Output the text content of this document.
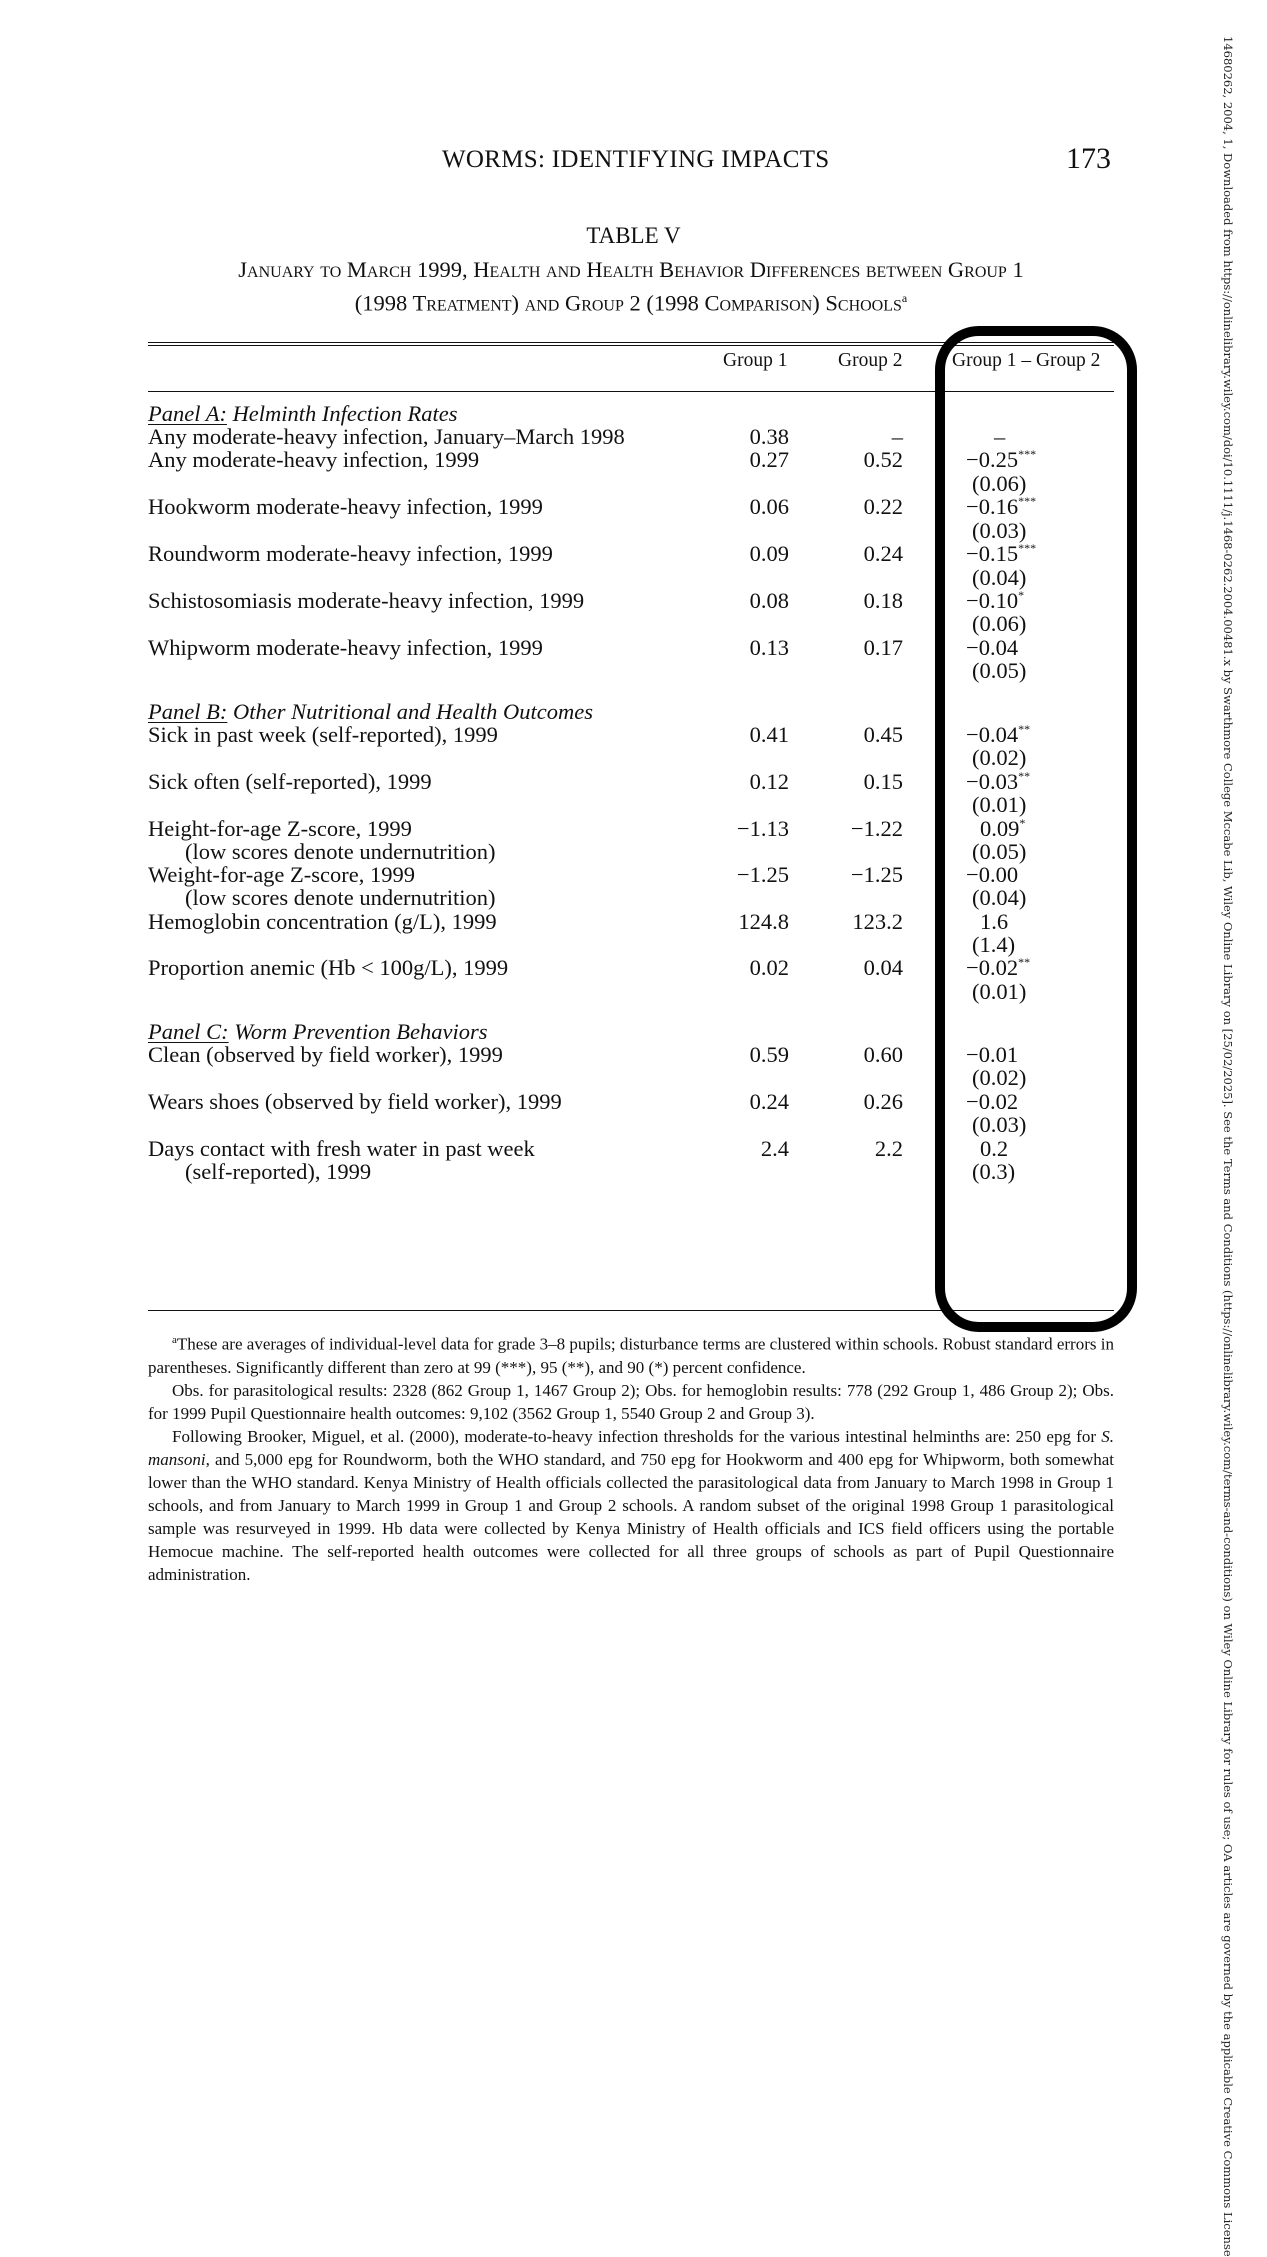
WORMS: IDENTIFYING IMPACTS	173
TABLE V
January to March 1999, Health and Health Behavior Differences between Group 1
(1998 Treatment) and Group 2 (1998 Comparison) Schools$^a$
Group 1	Group 2	Group 1 – Group 2
Panel A: Helminth Infection Rates
Any moderate-heavy infection, January–March 1998	0.38	–	–
Any moderate-heavy infection, 1999	0.27	0.52	−0.25***
(0.06)
Hookworm moderate-heavy infection, 1999	0.06	0.22	−0.16***
(0.03)
Roundworm moderate-heavy infection, 1999	0.09	0.24	−0.15***
(0.04)
Schistosomiasis moderate-heavy infection, 1999	0.08	0.18	−0.10*
(0.06)
Whipworm moderate-heavy infection, 1999	0.13	0.17	−0.04
(0.05)
Panel B: Other Nutritional and Health Outcomes
Sick in past week (self-reported), 1999	0.41	0.45	−0.04**
(0.02)
Sick often (self-reported), 1999	0.12	0.15	−0.03**
(0.01)
Height-for-age Z-score, 1999	−1.13	−1.22	0.09*
(low scores denote undernutrition)	(0.05)
Weight-for-age Z-score, 1999	−1.25	−1.25	−0.00
(low scores denote undernutrition)	(0.04)
Hemoglobin concentration (g/L), 1999	124.8	123.2	1.6
(1.4)
Proportion anemic (Hb < 100g/L), 1999	0.02	0.04	−0.02**
(0.01)
Panel C: Worm Prevention Behaviors
Clean (observed by field worker), 1999	0.59	0.60	−0.01
(0.02)
Wears shoes (observed by field worker), 1999	0.24	0.26	−0.02
(0.03)
Days contact with fresh water in past week	2.4	2.2	0.2
(self-reported), 1999	(0.3)

$^a$These are averages of individual-level data for grade 3–8 pupils; disturbance terms are clustered within schools. Robust standard errors in parentheses. Significantly different than zero at 99 (***), 95 (**), and 90 (*) percent confidence.

Obs. for parasitological results: 2328 (862 Group 1, 1467 Group 2); Obs. for hemoglobin results: 778 (292 Group 1, 486 Group 2); Obs. for 1999 Pupil Questionnaire health outcomes: 9,102 (3562 Group 1, 5540 Group 2 and Group 3).

Following Brooker, Miguel, et al. (2000), moderate-to-heavy infection thresholds for the various intestinal helminths are: 250 epg for S. mansoni, and 5,000 epg for Roundworm, both the WHO standard, and 750 epg for Hookworm and 400 epg for Whipworm, both somewhat lower than the WHO standard. Kenya Ministry of Health officials collected the parasitological data from January to March 1998 in Group 1 schools, and from January to March 1999 in Group 1 and Group 2 schools. A random subset of the original 1998 Group 1 parasitological sample was resurveyed in 1999. Hb data were collected by Kenya Ministry of Health officials and ICS field officers using the portable Hemocue machine. The self-reported health outcomes were collected for all three groups of schools as part of Pupil Questionnaire administration.	14680262, 2004, 1, Downloaded from https://onlinelibrary.wiley.com/doi/10.1111/j.1468-0262.2004.00481.x by Swarthmore College Mccabe Lib, Wiley Online Library on [25/02/2025]. See the Terms and Conditions (https://onlinelibrary.wiley.com/terms-and-conditions) on Wiley Online Library for rules of use; OA articles are governed by the applicable Creative Commons License
